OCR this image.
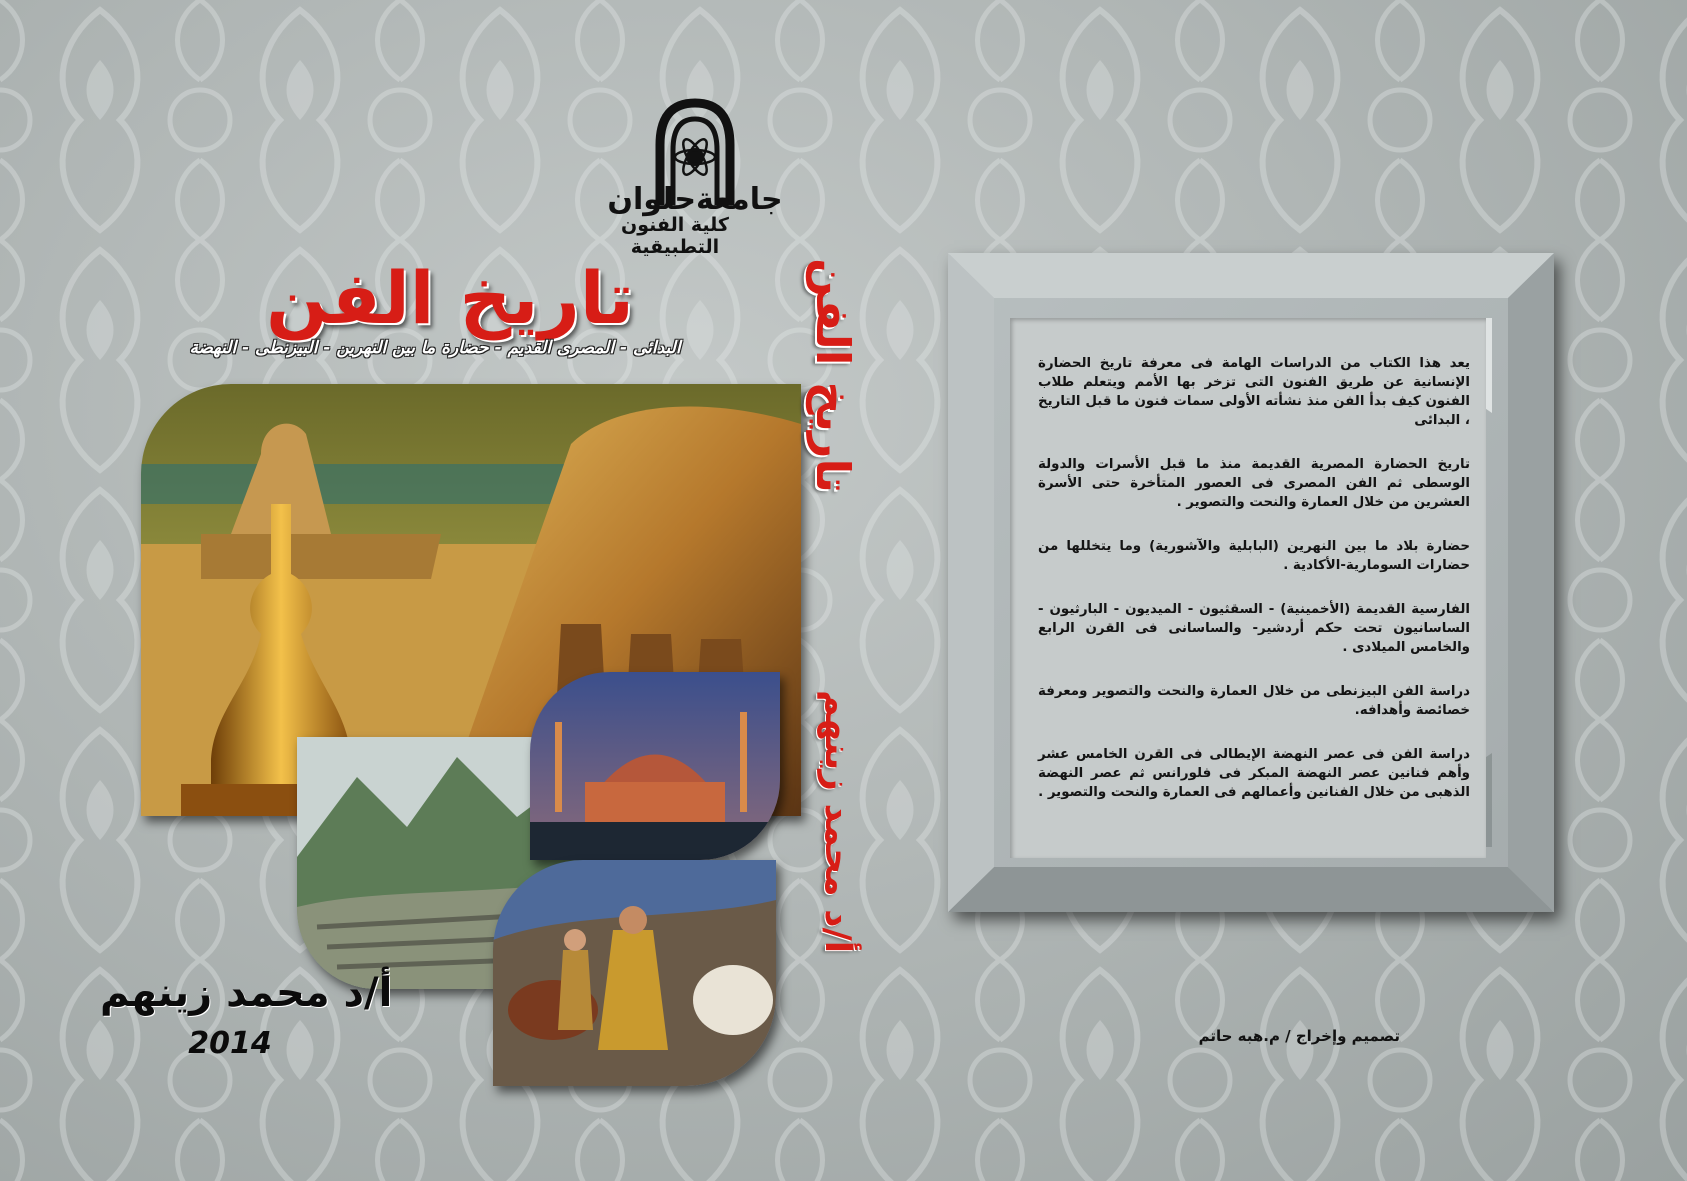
جامعةحلوان
كلية الفنون التطبيقية
تاريخ الفن
البدائى - المصرى القديم - حضارة ما بين النهرين - البيزنطى - النهضة
أ/د محمد زينهم
2014
تاريخ الفن
أ/د محمد زينهم

يعد هذا الكتاب من الدراسات الهامة فى معرفة تاريخ الحضارة الإنسانية عن طريق الفنون التى تزخر بها الأمم ويتعلم طلاب الفنون كيف بدأ الفن منذ نشأته الأولى سمات فنون ما قبل التاريخ ، البدائى

تاريخ الحضارة المصرية القديمة منذ ما قبل الأسرات والدولة الوسطى ثم الفن المصرى فى العصور المتأخرة حتى الأسرة العشرين من خلال العمارة والنحت والتصوير .

حضارة بلاد ما بين النهرين (البابلية والآشورية) وما يتخللها من حضارات السومارية-الأكادية .

الفارسية القديمة (الأخمينية) - السقثيون - الميديون - البارثيون - الساسانيون تحت حكم أردشير- والساسانى فى القرن الرابع والخامس الميلادى .

دراسة الفن البيزنطى من خلال العمارة والنحت والتصوير ومعرفة خصائصة وأهدافه.

دراسة الفن فى عصر النهضة الإيطالى فى القرن الخامس عشر وأهم فنانين عصر النهضة المبكر فى فلورانس ثم عصر النهضة الذهبى من خلال الفنانين وأعمالهم فى العمارة والنحت والتصوير .

تصميم وإخراج / م.هبه حاتم
